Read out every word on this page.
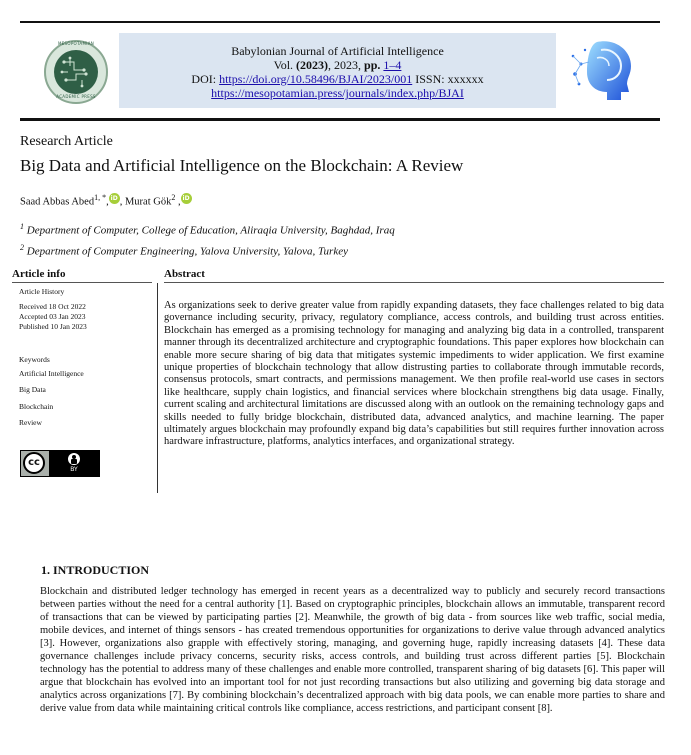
MESOPOTAMIAN
ACADEMIC PRESS
Babylonian Journal of Artificial Intelligence
Vol. (2023), 2023, pp. 1–4
DOI: https://doi.org/10.58496/BJAI/2023/001 ISSN: xxxxxx
https://mesopotamian.press/journals/index.php/BJAI
Research Article
Big Data and Artificial Intelligence on the Blockchain: A Review
Saad Abbas Abed$^{1, *}$, iD , Murat Gök$^2$ , iD
$^1$ Department of Computer, College of Education, Aliraqia University, Baghdad, Iraq
$^2$ Department of Computer Engineering, Yalova University, Yalova, Turkey
Article info	Abstract
Article History
Received 18 Oct 2022
Accepted 03 Jan 2023
Published 10 Jan 2023
Keywords
Artificial Intelligence
Big Data
Blockchain
Review
cc
BY
As organizations seek to derive greater value from rapidly expanding datasets, they face challenges related to big data governance including security, privacy, regulatory compliance, access controls, and building trust across entities. Blockchain has emerged as a promising technology for managing and analyzing big data in a controlled, transparent manner through its decentralized architecture and cryptographic foundations. This paper explores how blockchain can enable more secure sharing of big data that mitigates systemic impediments to wider application. We first examine unique properties of blockchain technology that allow distrusting parties to collaborate through immutable records, consensus protocols, smart contracts, and permissions management. We then profile real-world use cases in sectors like healthcare, supply chain logistics, and financial services where blockchain strengthens big data usage. Finally, current scaling and architectural limitations are discussed along with an outlook on the remaining technology gaps and skills needed to fully bridge blockchain, distributed data, advanced analytics, and machine learning. The paper ultimately argues blockchain may profoundly expand big data’s capabilities but still requires further innovation across hardware infrastructure, platforms, analytics interfaces, and organizational strategy.
1. INTRODUCTION
Blockchain and distributed ledger technology has emerged in recent years as a decentralized way to publicly and securely record transactions between parties without the need for a central authority [1]. Based on cryptographic principles, blockchain allows an immutable, transparent record of transactions that can be viewed by participating parties [2]. Meanwhile, the growth of big data - from sources like web traffic, social media, mobile devices, and internet of things sensors - has created tremendous opportunities for organizations to derive value through advanced analytics [3]. However, organizations also grapple with effectively storing, managing, and governing huge, rapidly increasing datasets [4]. These data governance challenges include privacy concerns, security risks, access controls, and building trust across different parties [5]. Blockchain technology has the potential to address many of these challenges and enable more controlled, transparent sharing of big datasets [6]. This paper will argue that blockchain has evolved into an important tool for not just recording transactions but also utilizing and governing big data storage and analytics across organizations [7]. By combining blockchain’s decentralized approach with big data pools, we can enable more parties to share and derive value from data while maintaining critical controls like compliance, access restrictions, and participant consent [8].
